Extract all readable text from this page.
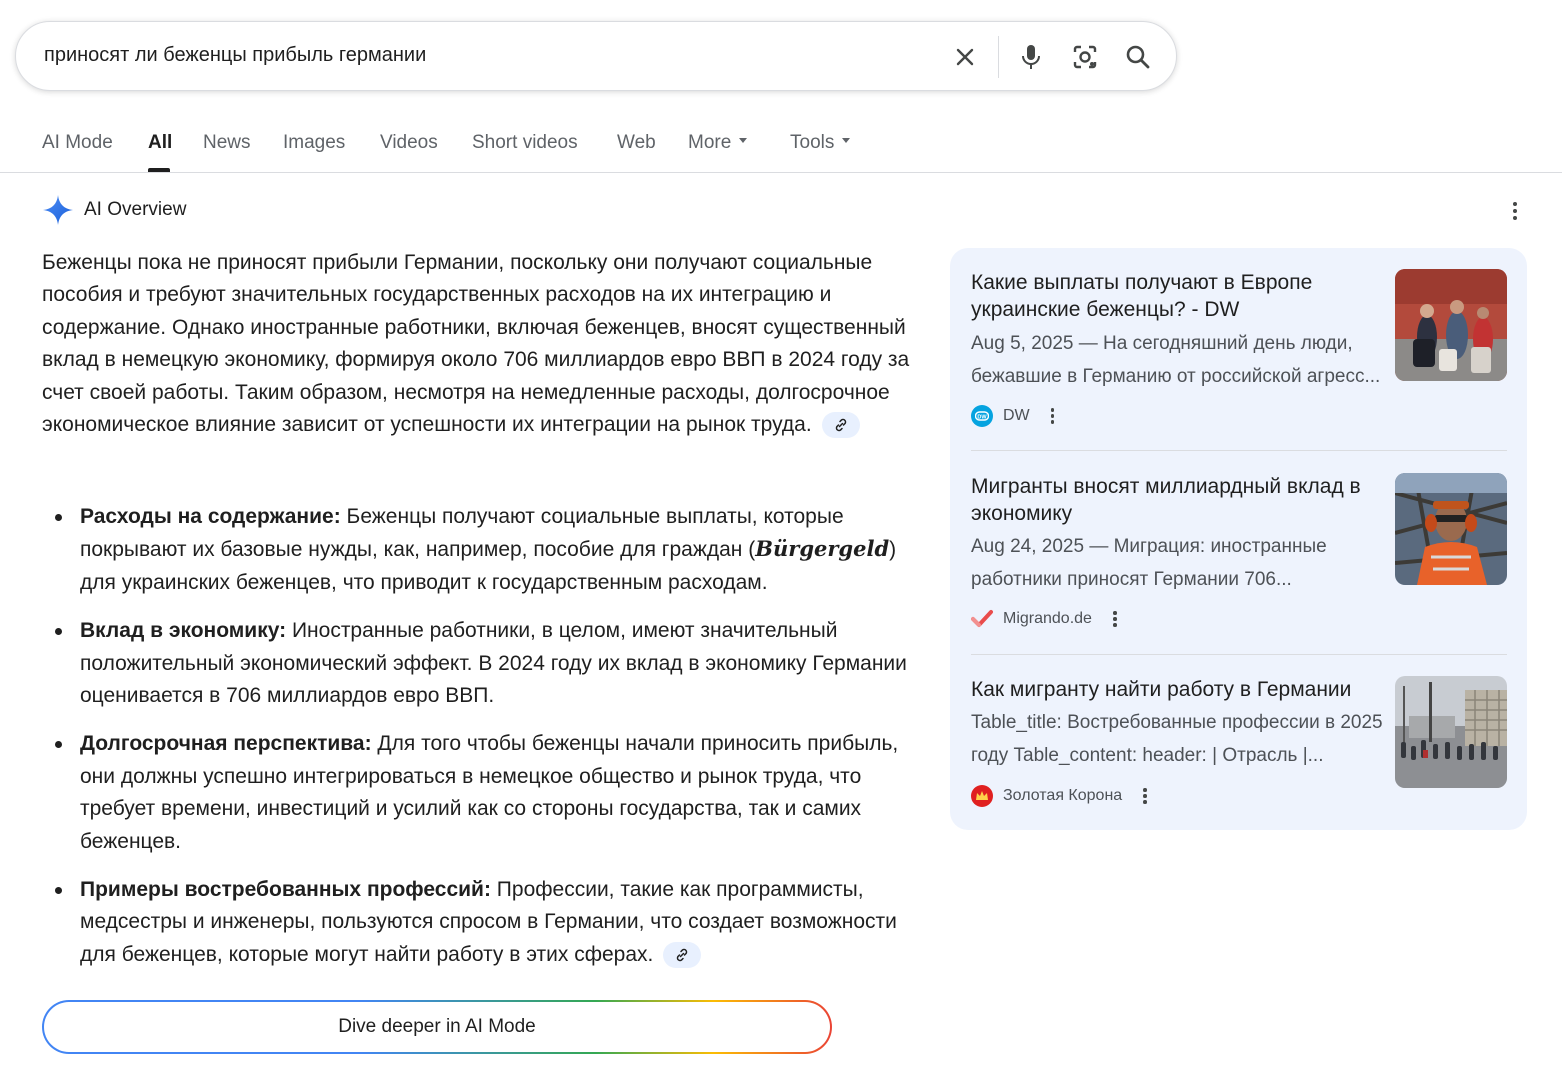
приносят ли беженцы прибыль германии
AI Mode All News Images Videos Short videos Web More	Tools
AI Overview
Беженцы пока не приносят прибыли Германии, поскольку они получают социальные пособия и требуют значительных государственных расходов на их интеграцию и содержание. Однако иностранные работники, включая беженцев, вносят существенный вклад в немецкую экономику, формируя около 706 миллиардов евро ВВП в 2024 году за счет своей работы. Таким образом, несмотря на немедленные расходы, долгосрочное экономическое влияние зависит от успешности их интеграции на рынок труда.
Расходы на содержание: Беженцы получают социальные выплаты, которые покрывают их базовые нужды, как, например, пособие для граждан (Bürgergeld) для украинских беженцев, что приводит к государственным расходам.
Вклад в экономику: Иностранные работники, в целом, имеют значительный положительный экономический эффект. В 2024 году их вклад в экономику Германии оценивается в 706 миллиардов евро ВВП.
Долгосрочная перспектива: Для того чтобы беженцы начали приносить прибыль, они должны успешно интегрироваться в немецкое общество и рынок труда, что требует времени, инвестиций и усилий как со стороны государства, так и самих беженцев.
Примеры востребованных профессий: Профессии, такие как программисты, медсестры и инженеры, пользуются спросом в Германии, что создает возможности для беженцев, которые могут найти работу в этих сферах.
Dive deeper in AI Mode
Какие выплаты получают в Европе украинские беженцы? - DW
Aug 5, 2025 — На сегодняшний день люди, бежавшие в Германию от российской агресс...
DW DW
Мигранты вносят миллиардный вклад в экономику
Aug 24, 2025 — Миграция: иностранные работники приносят Германии 706...
Migrando.de
Как мигранту найти работу в Германии
Table_title: Востребованные профессии в 2025 году Table_content: header: | Отрасль |...
Золотая Корона
